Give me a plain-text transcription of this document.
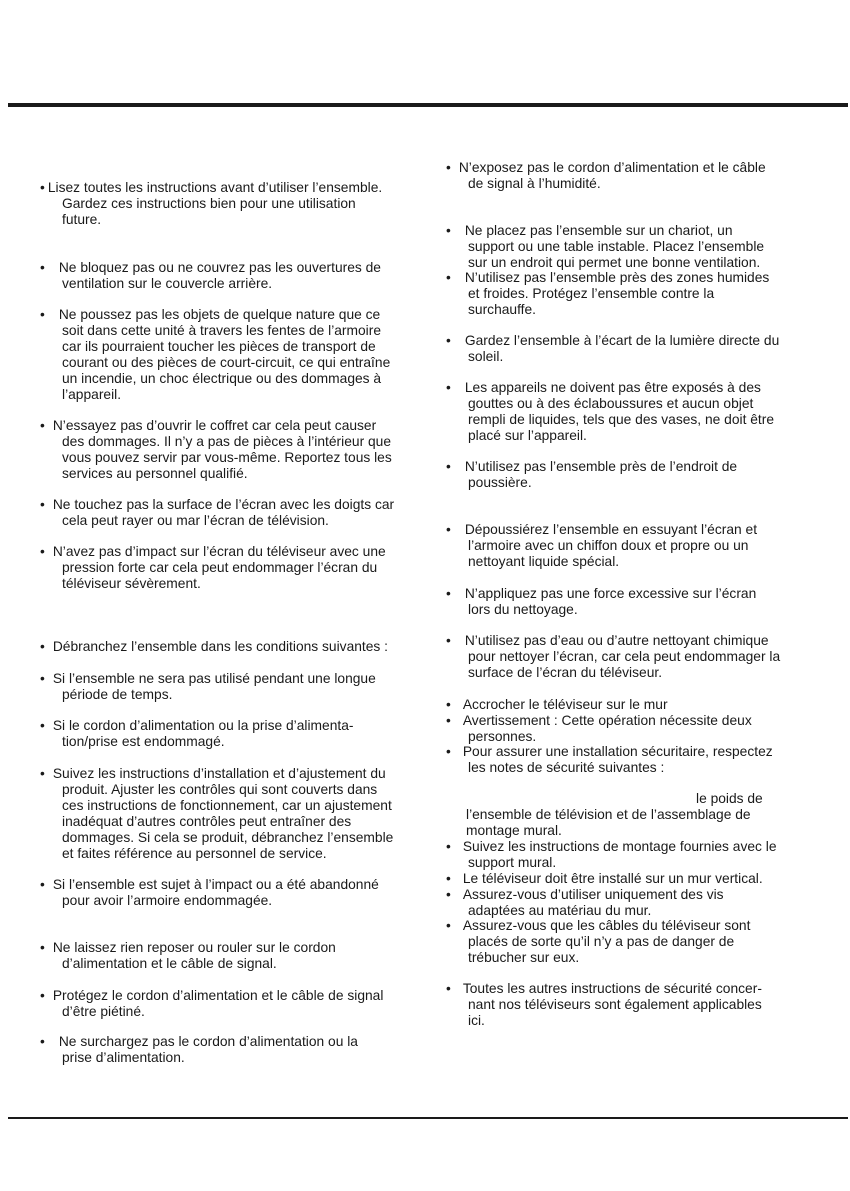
• Lisez toutes les instructions avant d’utiliser l’ensemble.
Gardez ces instructions bien pour une utilisation
future.
• Ne bloquez pas ou ne couvrez pas les ouvertures de
ventilation sur le couvercle arrière.
• Ne poussez pas les objets de quelque nature que ce
soit dans cette unité à travers les fentes de l’armoire
car ils pourraient toucher les pièces de transport de
courant ou des pièces de court-circuit, ce qui entraîne
un incendie, un choc électrique ou des dommages à
l’appareil.
• N’essayez pas d’ouvrir le coffret car cela peut causer
des dommages. Il n’y a pas de pièces à l’intérieur que
vous pouvez servir par vous-même. Reportez tous les
services au personnel qualifié.
• Ne touchez pas la surface de l’écran avec les doigts car
cela peut rayer ou mar l’écran de télévision.
• N’avez pas d’impact sur l’écran du téléviseur avec une
pression forte car cela peut endommager l’écran du
téléviseur sévèrement.
• Débranchez l’ensemble dans les conditions suivantes :
• Si l’ensemble ne sera pas utilisé pendant une longue
période de temps.
• Si le cordon d’alimentation ou la prise d’alimenta-
tion/prise est endommagé.
• Suivez les instructions d’installation et d’ajustement du
produit. Ajuster les contrôles qui sont couverts dans
ces instructions de fonctionnement, car un ajustement
inadéquat d’autres contrôles peut entraîner des
dommages. Si cela se produit, débranchez l’ensemble
et faites référence au personnel de service.
• Si l’ensemble est sujet à l’impact ou a été abandonné
pour avoir l’armoire endommagée.
• Ne laissez rien reposer ou rouler sur le cordon
d’alimentation et le câble de signal.
• Protégez le cordon d’alimentation et le câble de signal
d’être piétiné.
• Ne surchargez pas le cordon d’alimentation ou la
prise d’alimentation.
• N’exposez pas le cordon d’alimentation et le câble
de signal à l’humidité.
• Ne placez pas l’ensemble sur un chariot, un
support ou une table instable. Placez l’ensemble
sur un endroit qui permet une bonne ventilation.
• N’utilisez pas l’ensemble près des zones humides
et froides. Protégez l’ensemble contre la
surchauffe.
• Gardez l’ensemble à l’écart de la lumière directe du
soleil.
• Les appareils ne doivent pas être exposés à des
gouttes ou à des éclaboussures et aucun objet
rempli de liquides, tels que des vases, ne doit être
placé sur l’appareil.
• N’utilisez pas l’ensemble près de l’endroit de
poussière.
• Dépoussiérez l’ensemble en essuyant l’écran et
l’armoire avec un chiffon doux et propre ou un
nettoyant liquide spécial.
• N’appliquez pas une force excessive sur l’écran
lors du nettoyage.
• N’utilisez pas d’eau ou d’autre nettoyant chimique
pour nettoyer l’écran, car cela peut endommager la
surface de l’écran du téléviseur.
• Accrocher le téléviseur sur le mur
• Avertissement : Cette opération nécessite deux
personnes.
• Pour assurer une installation sécuritaire, respectez
les notes de sécurité suivantes :
le poids de
l’ensemble de télévision et de l’assemblage de
montage mural.
• Suivez les instructions de montage fournies avec le
support mural.
• Le téléviseur doit être installé sur un mur vertical.
• Assurez-vous d’utiliser uniquement des vis
adaptées au matériau du mur.
• Assurez-vous que les câbles du téléviseur sont
placés de sorte qu’il n’y a pas de danger de
trébucher sur eux.
• Toutes les autres instructions de sécurité concer-
nant nos téléviseurs sont également applicables
ici.
